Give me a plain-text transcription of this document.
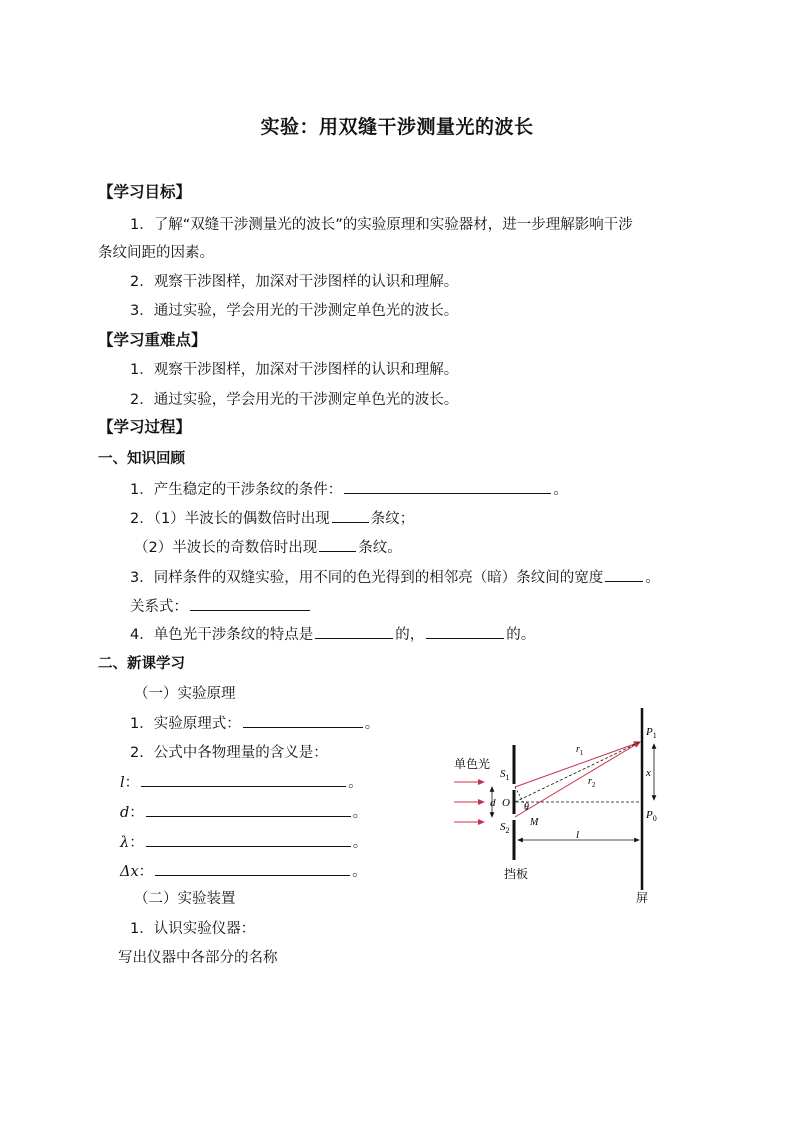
实验：用双缝干涉测量光的波长
【学习目标】
1．了解“双缝干涉测量光的波长”的实验原理和实验器材，进一步理解影响干涉
条纹间距的因素。
2．观察干涉图样，加深对干涉图样的认识和理解。
3．通过实验，学会用光的干涉测定单色光的波长。
【学习重难点】
1．观察干涉图样，加深对干涉图样的认识和理解。
2．通过实验，学会用光的干涉测定单色光的波长。
【学习过程】
一、知识回顾
1．产生稳定的干涉条纹的条件：	。
2．（1）半波长的偶数倍时出现	条纹；
（2）半波长的奇数倍时出现	条纹。
3．同样条件的双缝实验，用不同的色光得到的相邻亮（暗）条纹间的宽度	。
关系式：
4．单色光干涉条纹的特点是	的，	的。
二、新课学习
（一）实验原理
1．实验原理式：	。
2．公式中各物理量的含义是：
l：	。
d：	。
λ：	。
Δx：	。
（二）实验装置
1．认识实验仪器：
写出仪器中各部分的名称
单色光
$S_1$
$S_2$
d O θ
M
$r_1$
$r_2$
x
$P_1$
$P_0$
l
挡板
屏
